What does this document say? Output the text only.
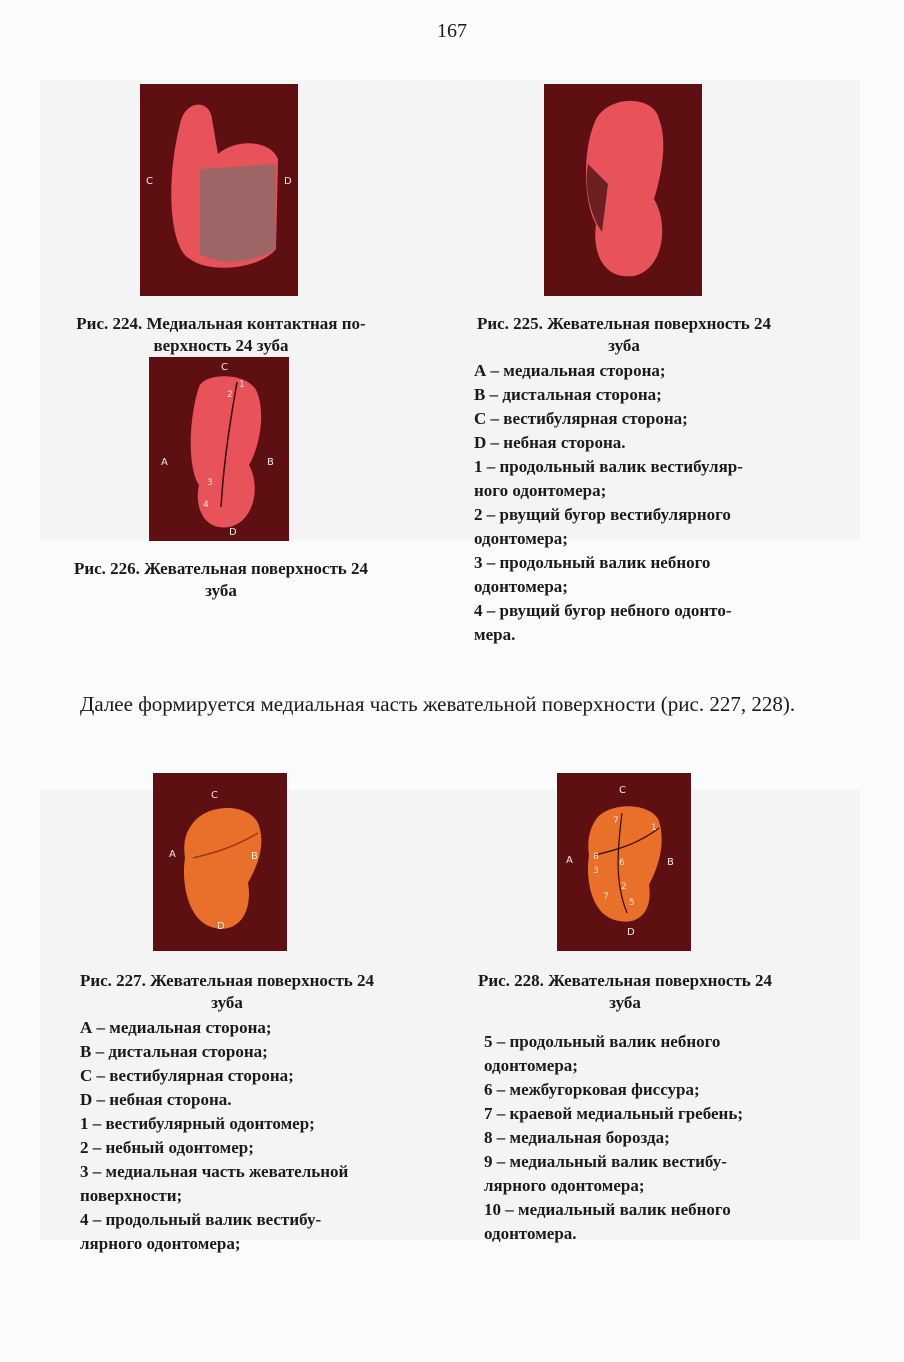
167
C	D
Рис. 224. Медиальная контактная по-
верхность 24 зуба
Рис. 225. Жевательная поверхность 24
зуба
А – медиальная сторона;
В – дистальная сторона;
С – вестибулярная сторона;
D – небная сторона.
1 – продольный валик вестибуляр-
ного одонтомера;
2 – рвущий бугор вестибулярного
одонтомера;
3 – продольный валик небного
одонтомера;
4 – рвущий бугор небного одонто-
мера.
C
A	B
D
1
2
3
4
Рис. 226. Жевательная поверхность 24
зуба
Далее формируется медиальная часть жевательной поверхности (рис. 227, 228).
C
A	B
D
Рис. 227. Жевательная поверхность 24
зуба
А – медиальная сторона;
В – дистальная сторона;
С – вестибулярная сторона;
D – небная сторона.
1 – вестибулярный одонтомер;
2 – небный одонтомер;
3 – медиальная часть жевательной
поверхности;
4 – продольный валик вестибу-
лярного одонтомера;
C
A	B
D
7
1
8
6
3
2
7
5
Рис. 228. Жевательная поверхность 24
зуба
5 – продольный валик небного
одонтомера;
6 – межбугорковая фиссура;
7 – краевой медиальный гребень;
8 – медиальная борозда;
9 – медиальный валик вестибу-
лярного одонтомера;
10 – медиальный валик небного
одонтомера.
